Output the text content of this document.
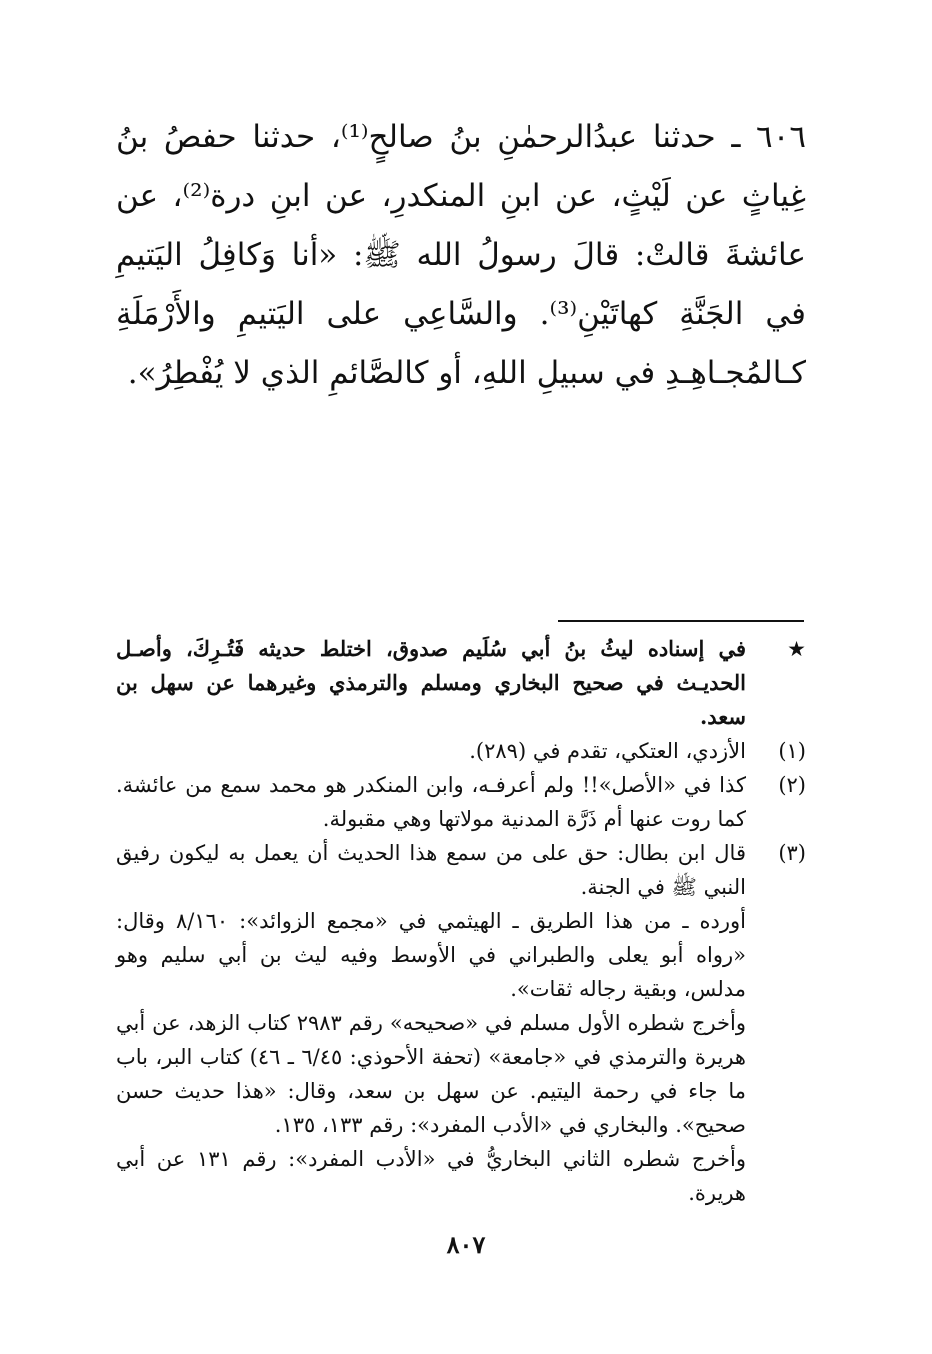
٦٠٦ ـ حدثنا عبدُالرحمٰنِ بنُ صالحٍ⁽¹⁾، حدثنا حفصُ بنُ غِياثٍ عن لَيْثٍ، عن ابنِ المنكدرِ، عن ابنِ درة⁽²⁾، عن عائشةَ قالتْ: قالَ رسولُ الله ﷺ: «أنا وَكافِلُ اليَتيمِ في الجَنَّةِ كهاتَيْنِ⁽³⁾. والسَّاعِي على اليَتيمِ والأَرْمَلَةِ كـالمُجـاهِـدِ في سبيلِ اللهِ، أو كالصَّائمِ الذي لا يُفْطِرُ».
★
في إسناده ليثُ بنُ أبي سُلَيم صدوق، اختلط حديثه فَتُـرِكَ، وأصـل الحديـث في صحيح البخاري ومسلم والترمذي وغيرهما عن سهل بن سعد.
(١)
الأزدي، العتكي، تقدم في (٢٨٩).
(٢)
كذا في «الأصل»!! ولم أعرفـه، وابن المنكدر هو محمد سمع من عائشة. كما روت عنها أم ذَرَّة المدنية مولاتها وهي مقبولة.
(٣)
قال ابن بطال: حق على من سمع هذا الحديث أن يعمل به ليكون رفيق النبي ﷺ في الجنة.
أورده ـ من هذا الطريق ـ الهيثمي في «مجمع الزوائد»: ٨/١٦٠ وقال: «رواه أبو يعلى والطبراني في الأوسط وفيه ليث بن أبي سليم وهو مدلس، وبقية رجاله ثقات».
وأخرج شطره الأول مسلم في «صحيحه» رقم ٢٩٨٣ كتاب الزهد، عن أبي هريرة والترمذي في «جامعة» (تحفة الأحوذي: ٦/٤٥ ـ ٤٦) كتاب البر، باب ما جاء في رحمة اليتيم. عن سهل بن سعد، وقال: «هذا حديث حسن صحيح». والبخاري في «الأدب المفرد»: رقم ١٣٣، ١٣٥.
وأخرج شطره الثاني البخاريُّ في «الأدب المفرد»: رقم ١٣١ عن أبي هريرة.
٨٠٧
